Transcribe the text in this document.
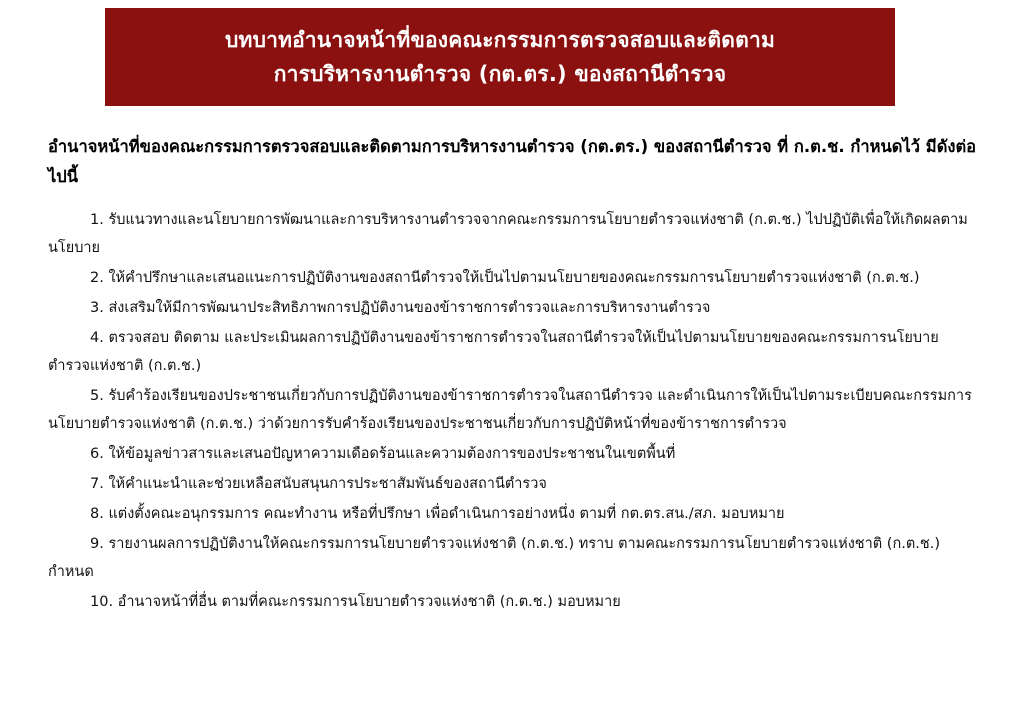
บทบาทอำนาจหน้าที่ของคณะกรรมการตรวจสอบและติดตาม
การบริหารงานตำรวจ (กต.ตร.) ของสถานีตำรวจ

อำนาจหน้าที่ของคณะกรรมการตรวจสอบและติดตามการบริหารงานตำรวจ (กต.ตร.) ของสถานีตำรวจ ที่ ก.ต.ช. กำหนดไว้ มีดังต่อไปนี้

1. รับแนวทางและนโยบายการพัฒนาและการบริหารงานตำรวจจากคณะกรรมการนโยบายตำรวจแห่งชาติ (ก.ต.ช.) ไปปฏิบัติเพื่อให้เกิดผลตามนโยบาย

2. ให้คำปรึกษาและเสนอแนะการปฏิบัติงานของสถานีตำรวจให้เป็นไปตามนโยบายของคณะกรรมการนโยบายตำรวจแห่งชาติ (ก.ต.ช.)

3. ส่งเสริมให้มีการพัฒนาประสิทธิภาพการปฏิบัติงานของข้าราชการตำรวจและการบริหารงานตำรวจ

4. ตรวจสอบ ติดตาม และประเมินผลการปฏิบัติงานของข้าราชการตำรวจในสถานีตำรวจให้เป็นไปตามนโยบายของคณะกรรมการนโยบายตำรวจแห่งชาติ (ก.ต.ช.)

5. รับคำร้องเรียนของประชาชนเกี่ยวกับการปฏิบัติงานของข้าราชการตำรวจในสถานีตำรวจ และดำเนินการให้เป็นไปตามระเบียบคณะกรรมการนโยบายตำรวจแห่งชาติ (ก.ต.ช.) ว่าด้วยการรับคำร้องเรียนของประชาชนเกี่ยวกับการปฏิบัติหน้าที่ของข้าราชการตำรวจ

6. ให้ข้อมูลข่าวสารและเสนอปัญหาความเดือดร้อนและความต้องการของประชาชนในเขตพื้นที่

7. ให้คำแนะนำและช่วยเหลือสนับสนุนการประชาสัมพันธ์ของสถานีตำรวจ

8. แต่งตั้งคณะอนุกรรมการ คณะทำงาน หรือที่ปรึกษา เพื่อดำเนินการอย่างหนึ่ง ตามที่ กต.ตร.สน./สภ. มอบหมาย

9. รายงานผลการปฏิบัติงานให้คณะกรรมการนโยบายตำรวจแห่งชาติ (ก.ต.ช.) ทราบ ตามคณะกรรมการนโยบายตำรวจแห่งชาติ (ก.ต.ช.) กำหนด

10. อำนาจหน้าที่อื่น ตามที่คณะกรรมการนโยบายตำรวจแห่งชาติ (ก.ต.ช.) มอบหมาย
